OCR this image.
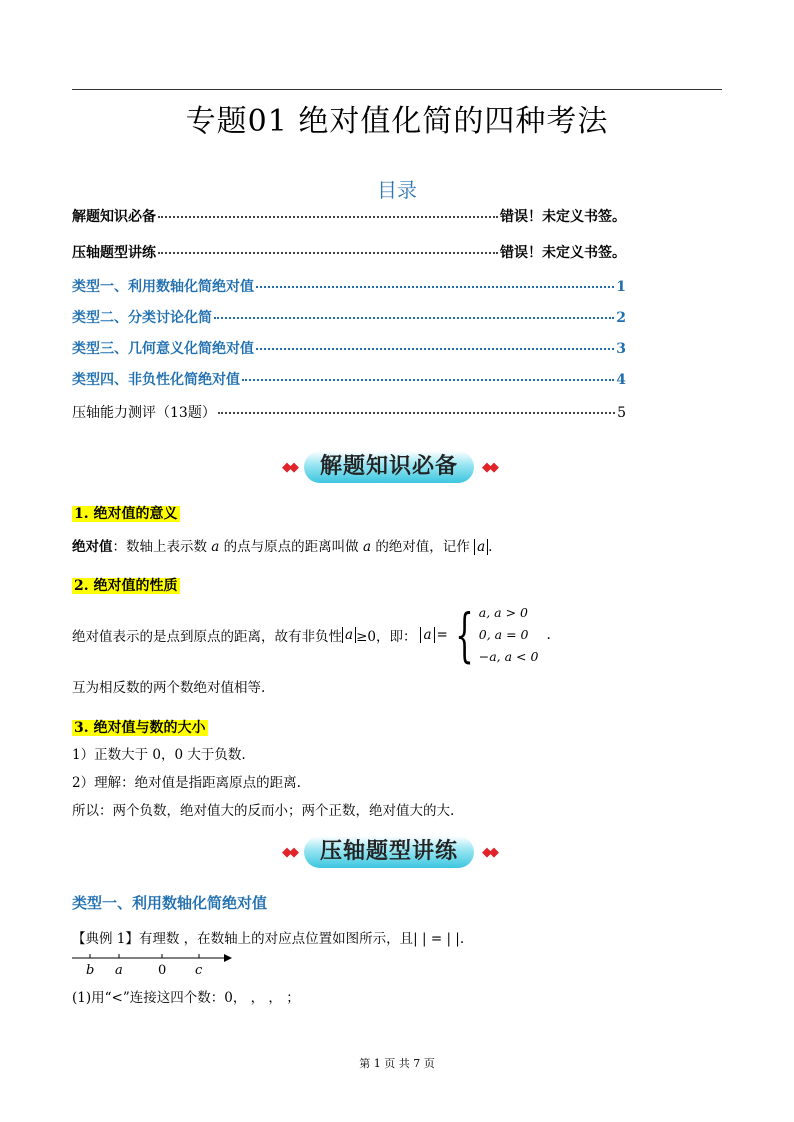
专题01 绝对值化简的四种考法
目录
解题知识必备	错误！未定义书签。
压轴题型讲练	错误！未定义书签。
类型一、利用数轴化简绝对值	1
类型二、分类讨论化简	2
类型三、几何意义化简绝对值	3
类型四、非负性化简绝对值	4
压轴能力测评（13题）	5
◆◆	解题知识必备	◆◆
1. 绝对值的意义
绝对值：数轴上表示数 a 的点与原点的距离叫做 a 的绝对值，记作 a .
2. 绝对值的性质
绝对值表示的是点到原点的距离，故有非负性 a ≥0，即： a = { a, a > 0
0, a = 0
−a, a < 0
.
互为相反数的两个数绝对值相等.
3. 绝对值与数的大小
1）正数大于 0，0 大于负数.
2）理解：绝对值是指距离原点的距离.
所以：两个负数，绝对值大的反而小；两个正数，绝对值大的大.
◆◆	压轴题型讲练	◆◆
类型一、利用数轴化简绝对值
【典例 1】有理数 ，在数轴上的对应点位置如图所示，且| | = | |.
b a	0 c
(1)用“<”连接这四个数：0， ， ， ；
第 1 页 共 7 页
